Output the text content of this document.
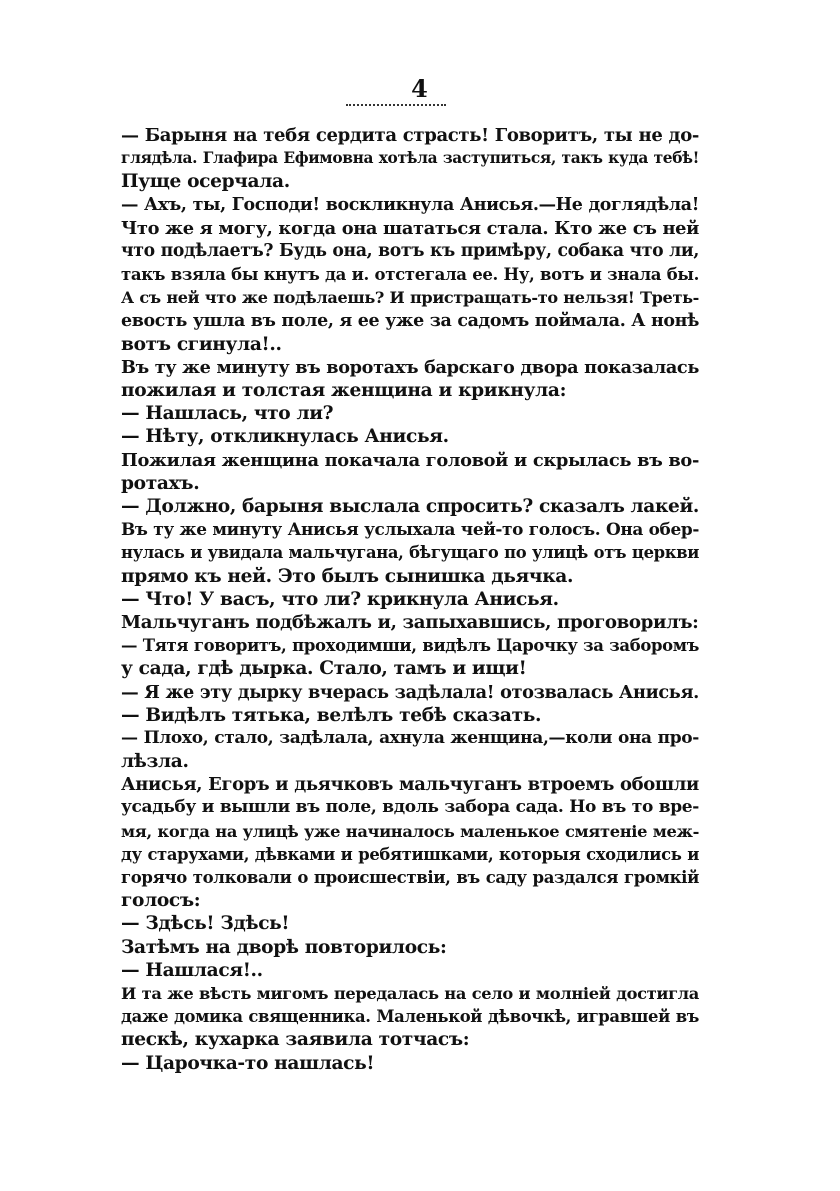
4
— Барыня на тебя сердита страсть! Говоритъ, ты не до-
глядѣла. Глафира Ефимовна хотѣла заступиться, такъ куда тебѣ!
Пуще осерчала.
— Ахъ, ты, Господи! воскликнула Анисья.—Не доглядѣла!
Что же я могу, когда она шататься стала. Кто же съ ней
что подѣлаетъ? Будь она, вотъ къ примѣру, собака что ли,
такъ взяла бы кнутъ да и. отстегала ее. Ну, вотъ и знала бы.
А съ ней что же подѣлаешь? И пристращать-то нельзя! Треть-
евость ушла въ поле, я ее уже за садомъ поймала. А нонѣ
вотъ сгинула!..
Въ ту же минуту въ воротахъ барскаго двора показалась
пожилая и толстая женщина и крикнула:
— Нашлась, что ли?
— Нѣту, откликнулась Анисья.
Пожилая женщина покачала головой и скрылась въ во-
ротахъ.
— Должно, барыня выслала спросить? сказалъ лакей.
Въ ту же минуту Анисья услыхала чей-то голосъ. Она обер-
нулась и увидала мальчугана, бѣгущаго по улицѣ отъ церкви
прямо къ ней. Это былъ сынишка дьячка.
— Что! У васъ, что ли? крикнула Анисья.
Мальчуганъ подбѣжалъ и, запыхавшись, проговорилъ:
— Тятя говоритъ, проходимши, видѣлъ Царочку за заборомъ
у сада, гдѣ дырка. Стало, тамъ и ищи!
— Я же эту дырку вчерась задѣлала! отозвалась Анисья.
— Видѣлъ тятька, велѣлъ тебѣ сказать.
— Плохо, стало, задѣлала, ахнула женщина,—коли она про-
лѣзла.
Анисья, Егоръ и дьячковъ мальчуганъ втроемъ обошли
усадьбу и вышли въ поле, вдоль забора сада. Но въ то вре-
мя, когда на улицѣ уже начиналось маленькое смятенiе меж-
ду старухами, дѣвками и ребятишками, которыя сходились и
горячо толковали о происшествiи, въ саду раздался громкiй
голосъ:
— Здѣсь! Здѣсь!
Затѣмъ на дворѣ повторилось:
— Нашлася!..
И та же вѣсть мигомъ передалась на село и молнiей достигла
даже домика священника. Маленькой дѣвочкѣ, игравшей въ
пескѣ, кухарка заявила тотчасъ:
— Царочка-то нашлась!
